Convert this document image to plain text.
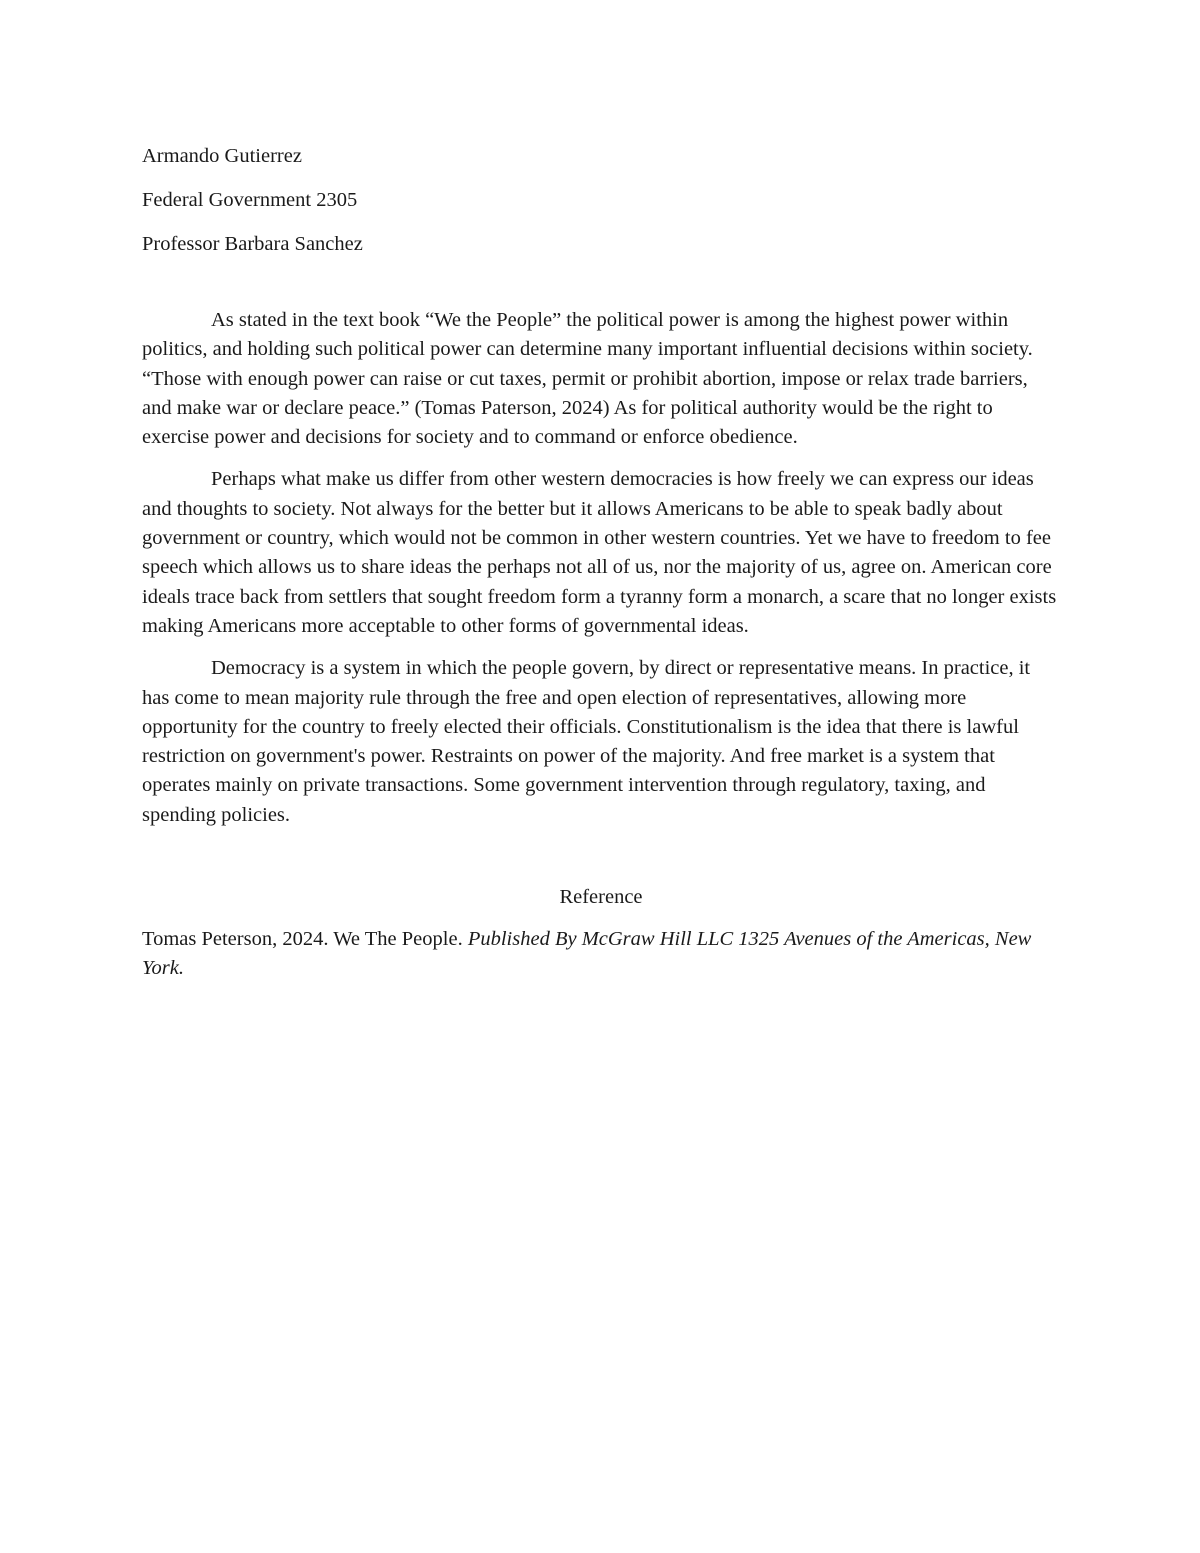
Armando Gutierrez

Federal Government 2305

Professor Barbara Sanchez

As stated in the text book “We the People” the political power is among the highest power within politics, and holding such political power can determine many important influential decisions within society. “Those with enough power can raise or cut taxes, permit or prohibit abortion, impose or relax trade barriers, and make war or declare peace.” (Tomas Paterson, 2024) As for political authority would be the right to exercise power and decisions for society and to command or enforce obedience.

Perhaps what make us differ from other western democracies is how freely we can express our ideas and thoughts to society. Not always for the better but it allows Americans to be able to speak badly about government or country, which would not be common in other western countries. Yet we have to freedom to fee speech which allows us to share ideas the perhaps not all of us, nor the majority of us, agree on. American core ideals trace back from settlers that sought freedom form a tyranny form a monarch, a scare that no longer exists making Americans more acceptable to other forms of governmental ideas.

Democracy is a system in which the people govern, by direct or representative means. In practice, it has come to mean majority rule through the free and open election of representatives, allowing more opportunity for the country to freely elected their officials. Constitutionalism is the idea that there is lawful restriction on government's power. Restraints on power of the majority. And free market is a system that operates mainly on private transactions. Some government intervention through regulatory, taxing, and spending policies.

Reference

Tomas Peterson, 2024. We The People. Published By McGraw Hill LLC 1325 Avenues of the Americas, New York.
